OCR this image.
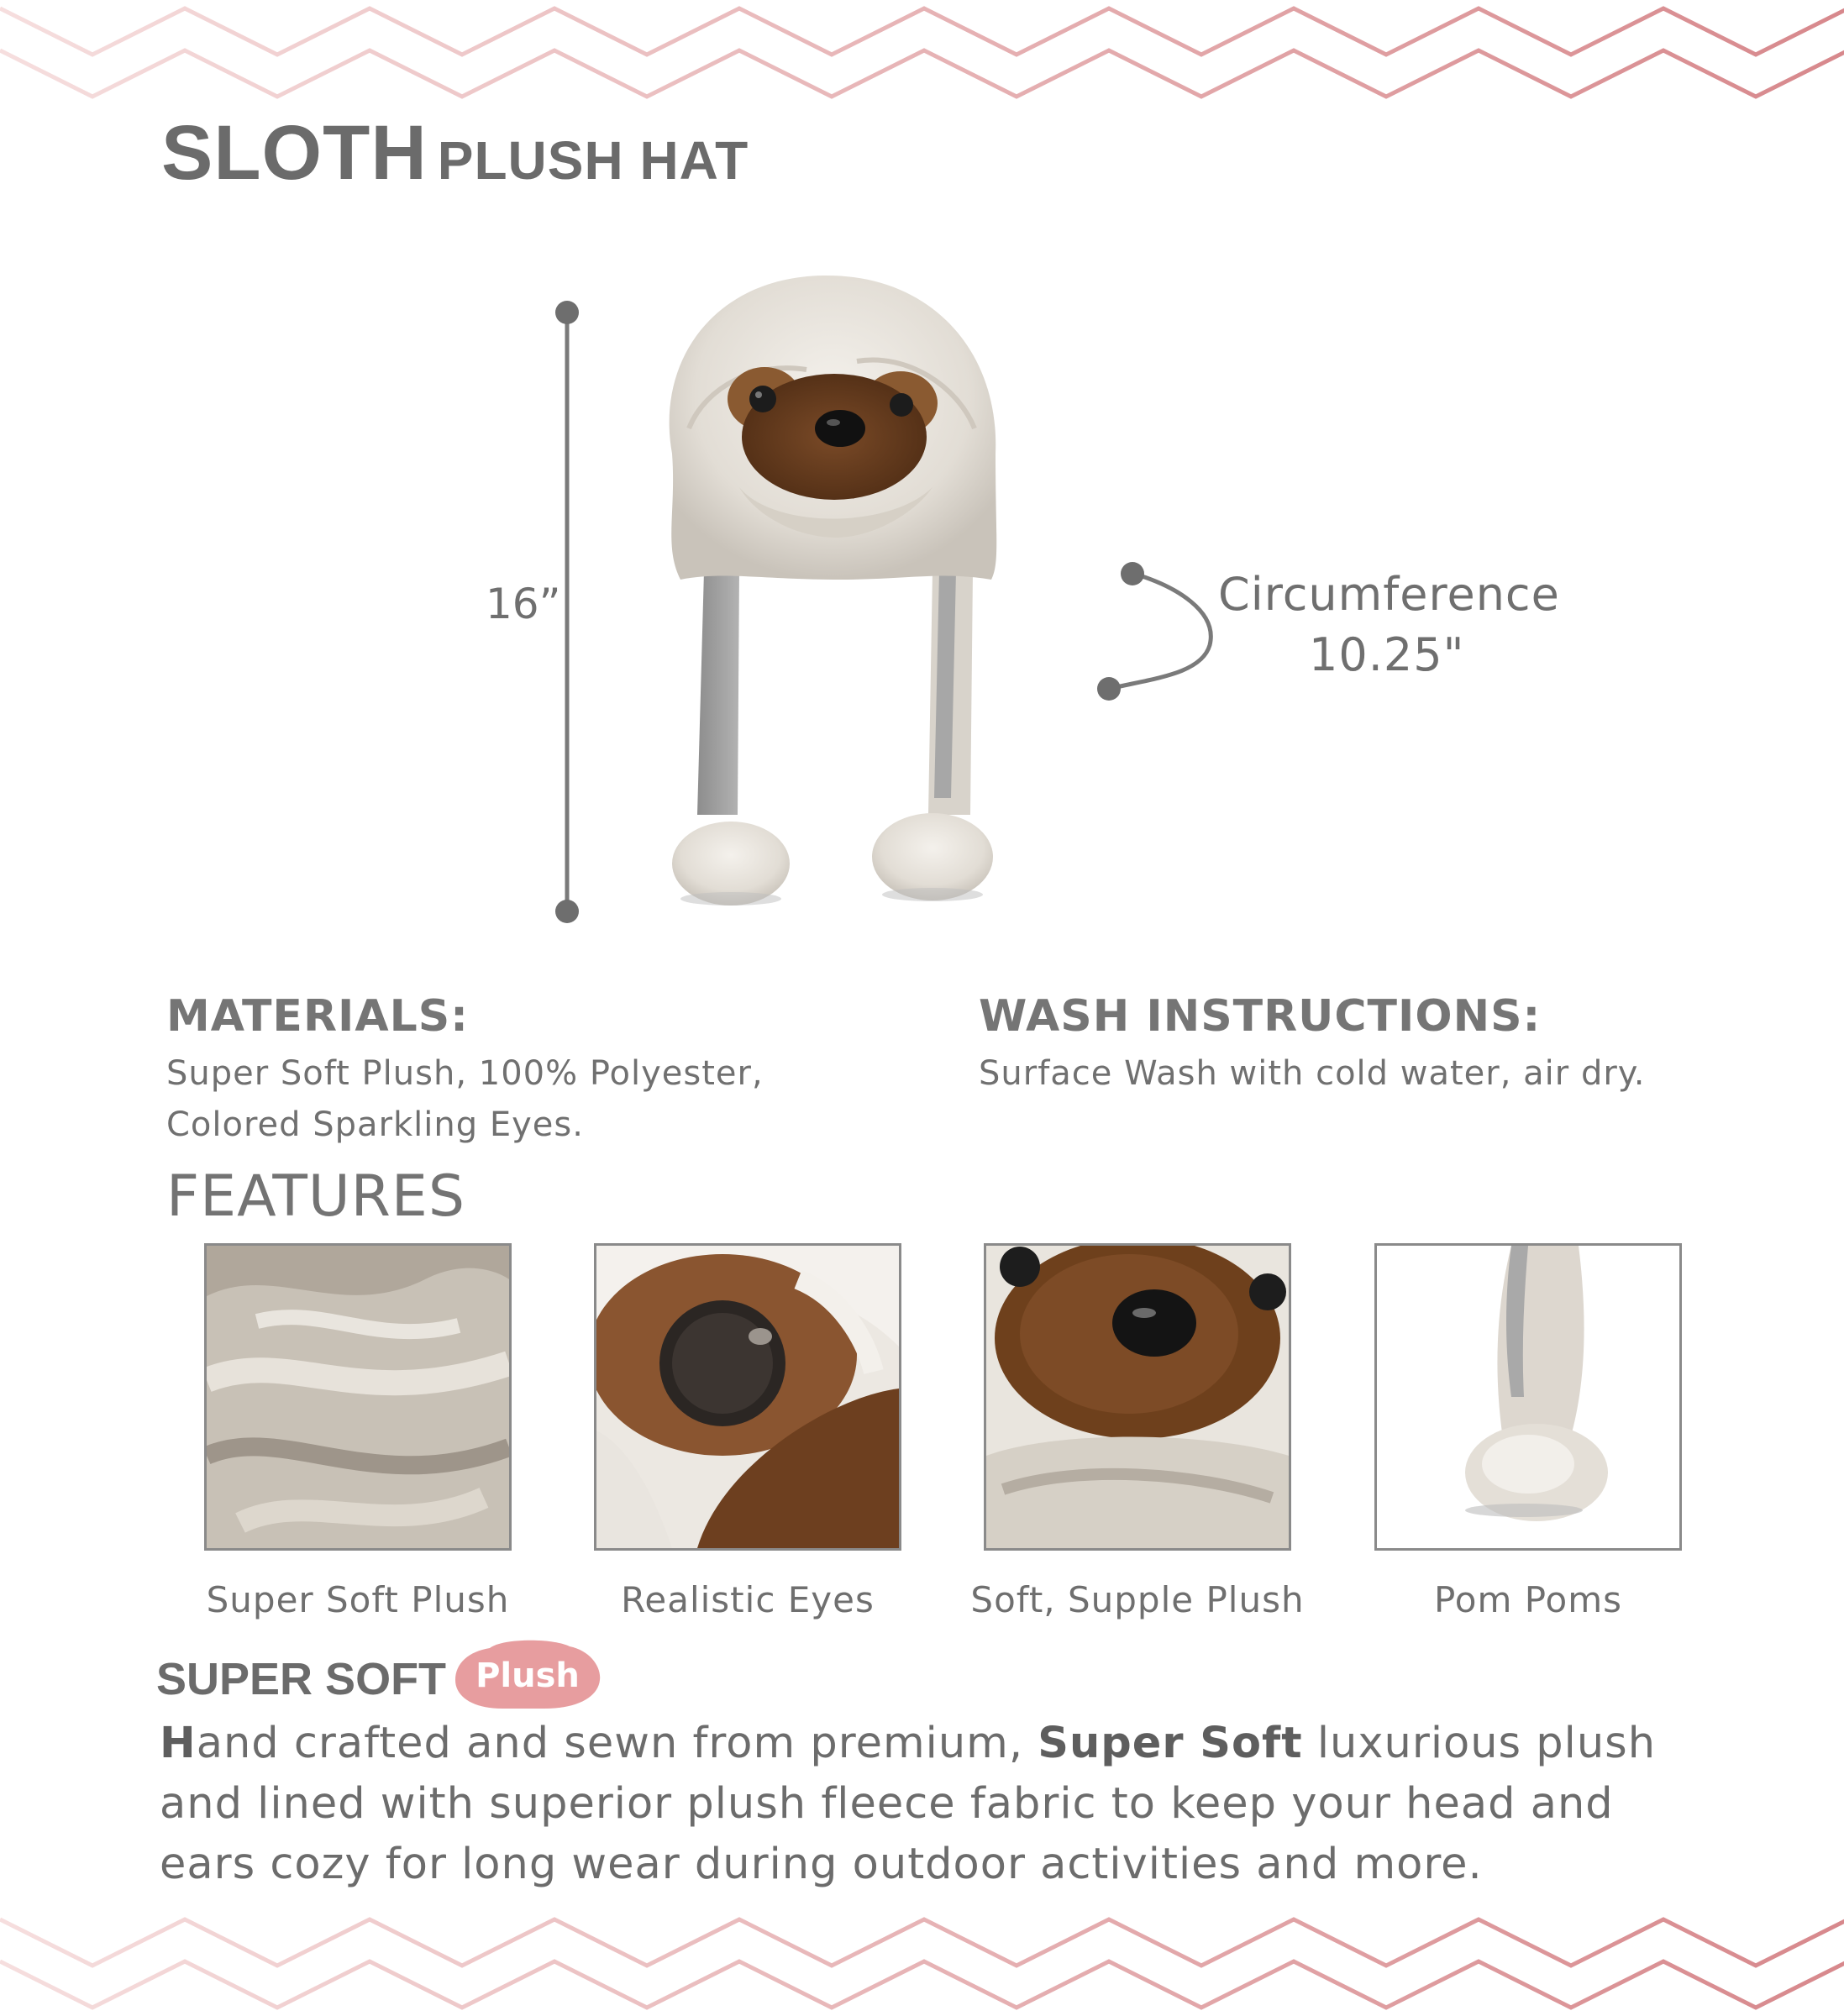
SLOTH PLUSH HAT
16”	Circumference
10.25"
MATERIALS:
Super Soft Plush, 100% Polyester,
Colored Sparkling Eyes.
WASH INSTRUCTIONS:
Surface Wash with cold water, air dry.
FEATURES
Super Soft Plush	Realistic Eyes	Soft, Supple Plush	Pom Poms
SUPER SOFT Plush
Hand crafted and sewn from premium, Super Soft luxurious plush and lined with superior plush fleece fabric to keep your head and ears cozy for long wear during outdoor activities and more.
